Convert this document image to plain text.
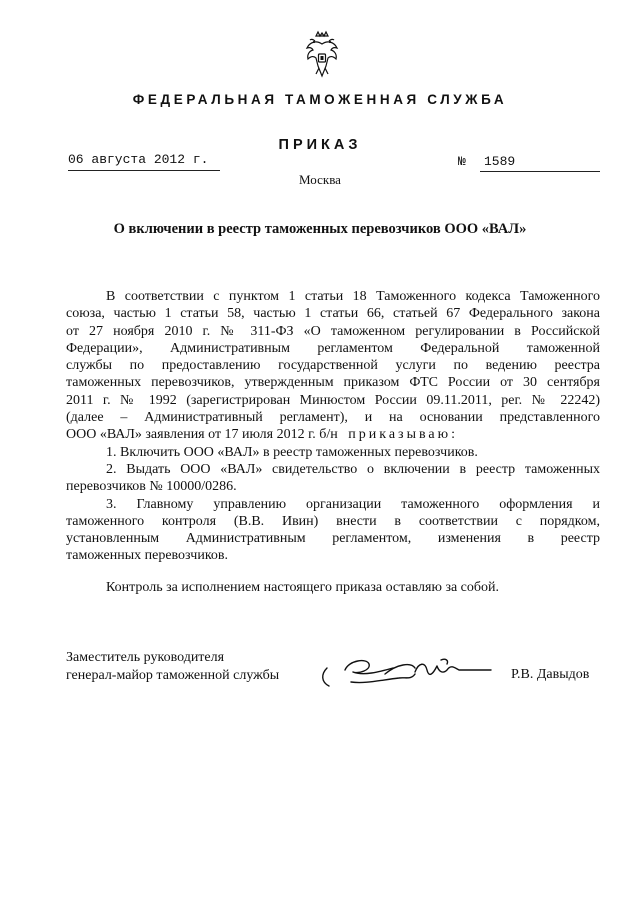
ФЕДЕРАЛЬНАЯ ТАМОЖЕННАЯ СЛУЖБА
ПРИКАЗ
06 августа 2012 г.	№	1589
Москва
О включении в реестр таможенных перевозчиков ООО «ВАЛ»

В соответствии с пунктом 1 статьи 18 Таможенного кодекса Таможенного

союза, частью 1 статьи 58, частью 1 статьи 66, статьей 67 Федерального закона

от 27 ноября 2010 г. № 311-ФЗ «О таможенном регулировании в Российской

Федерации», Административным регламентом Федеральной таможенной

службы по предоставлению государственной услуги по ведению реестра

таможенных перевозчиков, утвержденным приказом ФТС России от 30 сентября

2011 г. № 1992 (зарегистрирован Минюстом России 09.11.2011, рег. № 22242)

(далее – Административный регламент), и на основании представленного

ООО «ВАЛ» заявления от 17 июля 2012 г. б/н приказываю:

1. Включить ООО «ВАЛ» в реестр таможенных перевозчиков.

2. Выдать ООО «ВАЛ» свидетельство о включении в реестр таможенных

перевозчиков № 10000/0286.

3. Главному управлению организации таможенного оформления и

таможенного контроля (В.В. Ивин) внести в соответствии с порядком,

установленным Административным регламентом, изменения в реестр

таможенных перевозчиков.

Контроль за исполнением настоящего приказа оставляю за собой.
Заместитель руководителя
генерал-майор таможенной службы	Р.В. Давыдов
